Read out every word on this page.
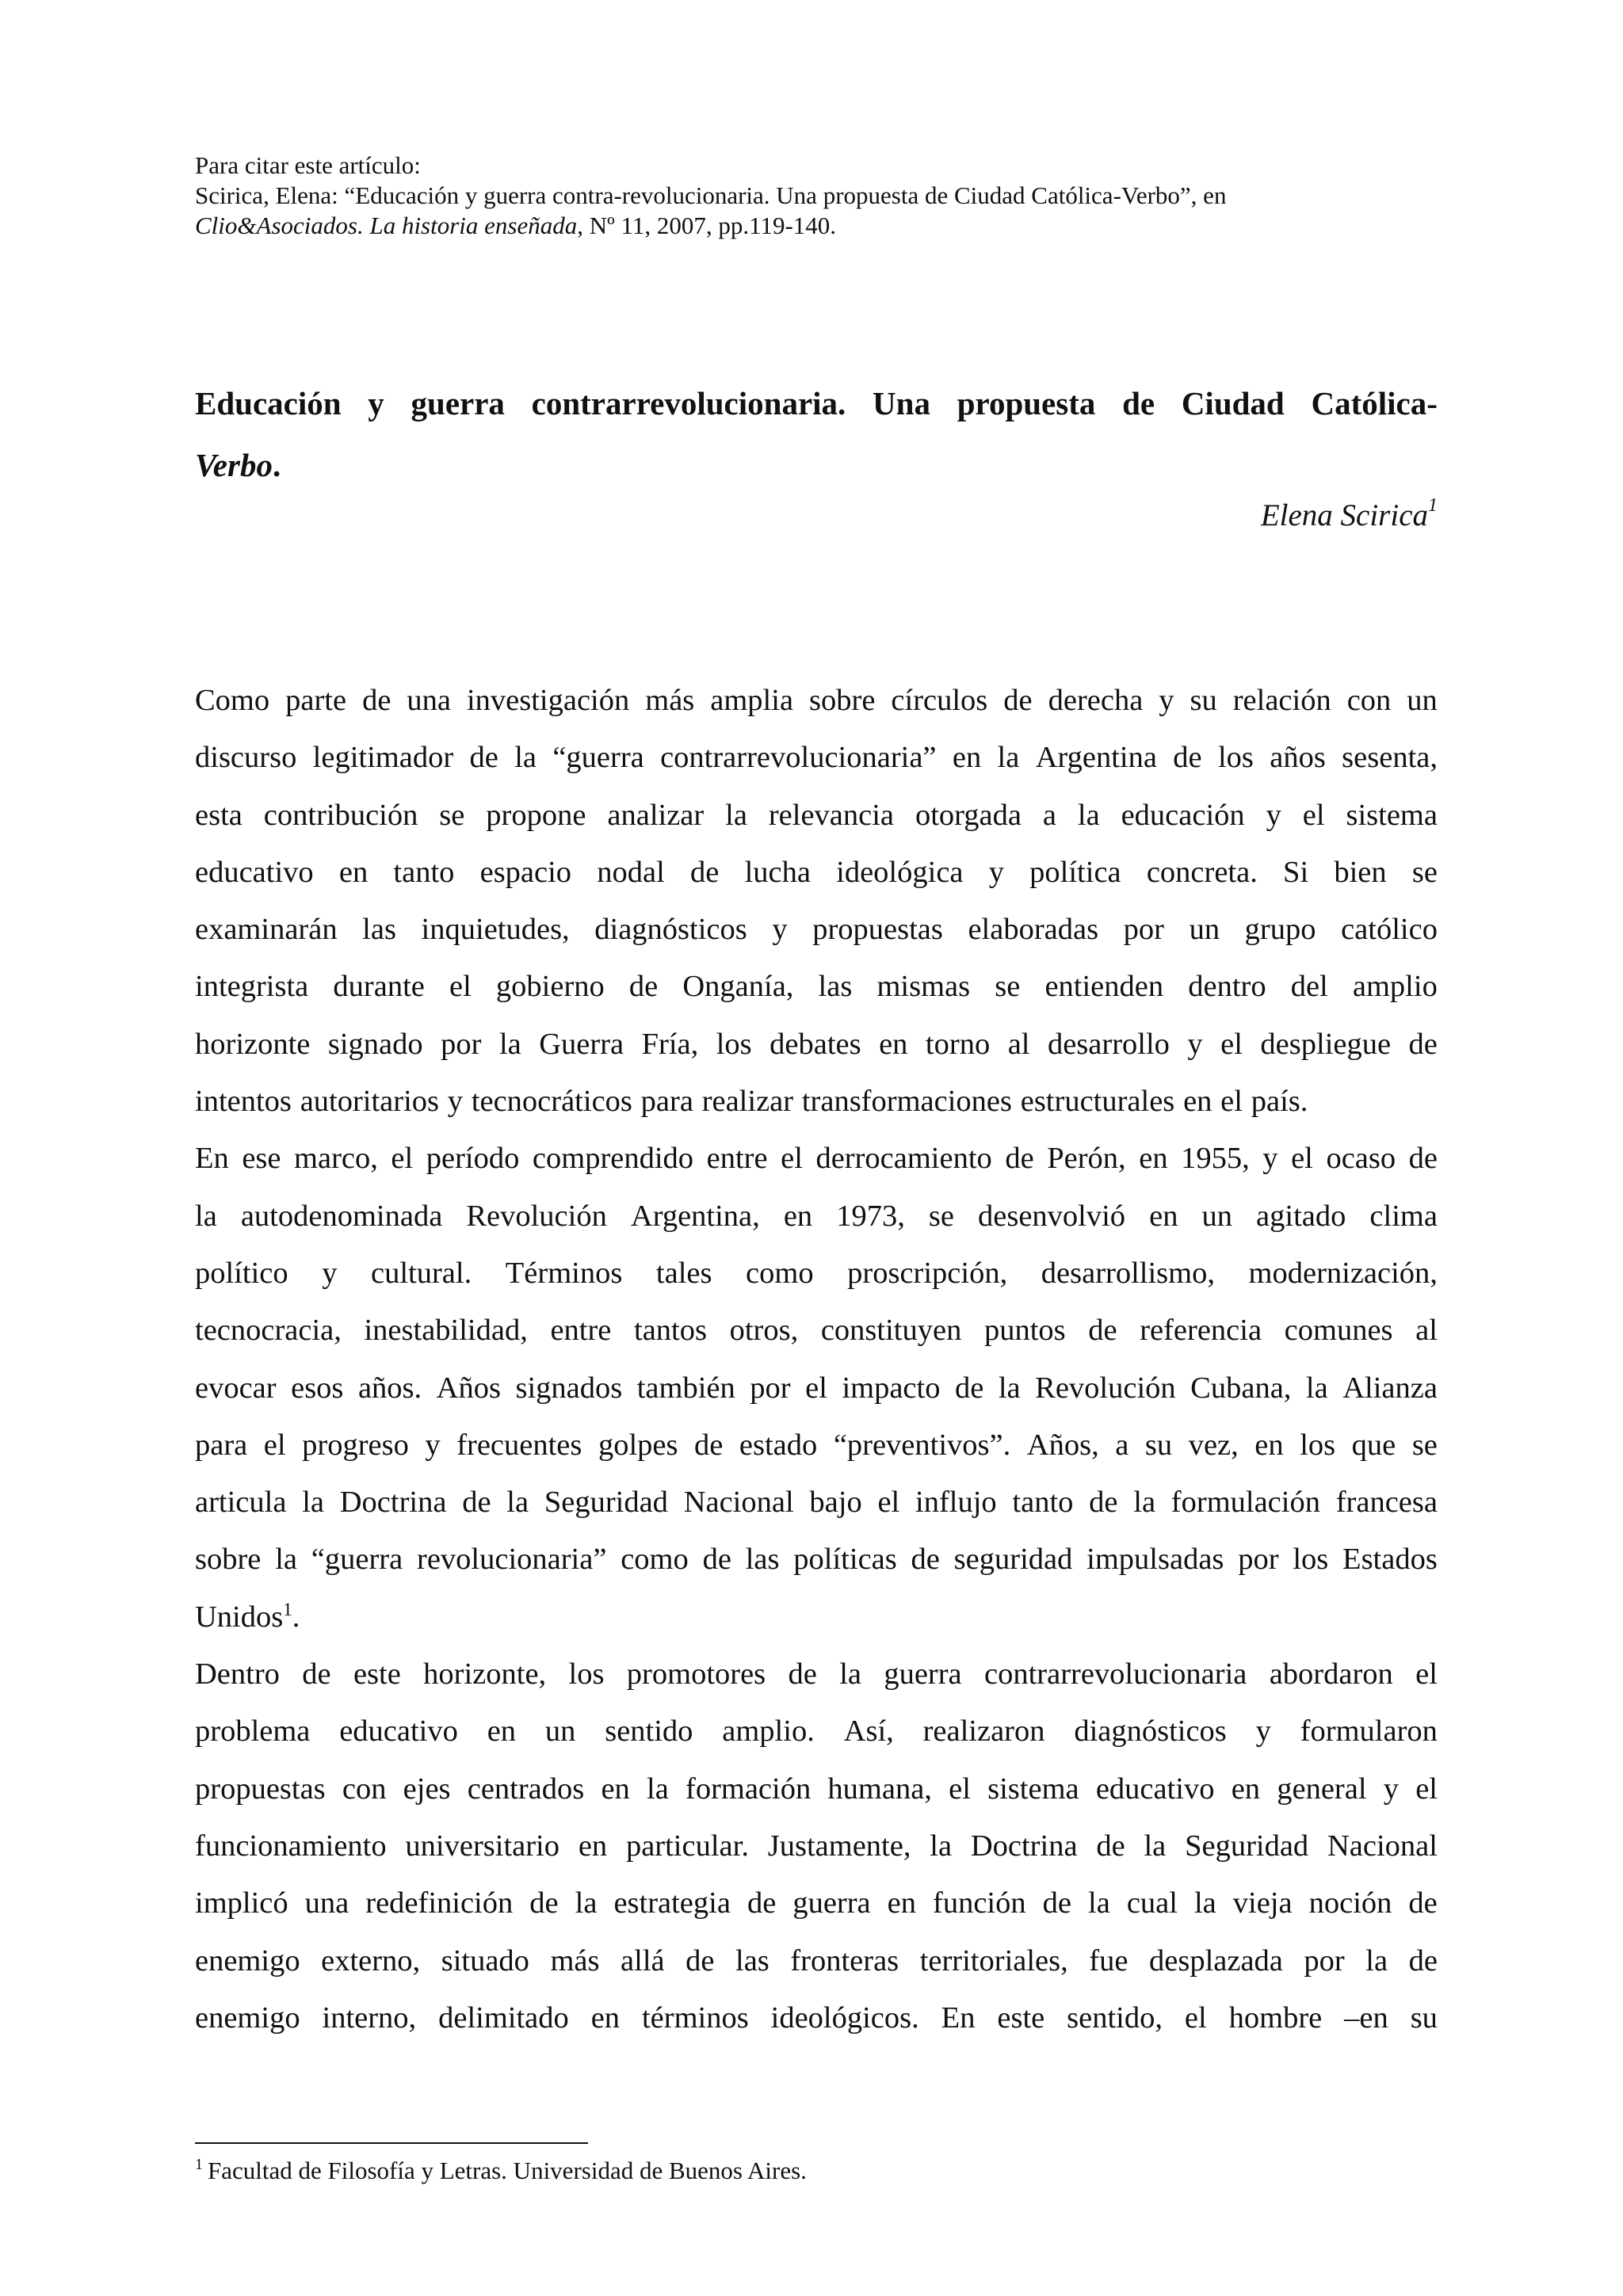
Para citar este artículo:
Scirica, Elena: “Educación y guerra contra-revolucionaria. Una propuesta de Ciudad Católica-Verbo”, en
Clio&Asociados. La historia enseñada, Nº 11, 2007, pp.119-140.
Educación y guerra contrarrevolucionaria. Una propuesta de Ciudad Católica-
Verbo.
Elena Scirica$^1$
Como parte de una investigación más amplia sobre círculos de derecha y su relación con un
discurso legitimador de la “guerra contrarrevolucionaria” en la Argentina de los años sesenta,
esta contribución se propone analizar la relevancia otorgada a la educación y el sistema
educativo en tanto espacio nodal de lucha ideológica y política concreta. Si bien se
examinarán las inquietudes, diagnósticos y propuestas elaboradas por un grupo católico
integrista durante el gobierno de Onganía, las mismas se entienden dentro del amplio
horizonte signado por la Guerra Fría, los debates en torno al desarrollo y el despliegue de
intentos autoritarios y tecnocráticos para realizar transformaciones estructurales en el país.
En ese marco, el período comprendido entre el derrocamiento de Perón, en 1955, y el ocaso de
la autodenominada Revolución Argentina, en 1973, se desenvolvió en un agitado clima
político y cultural. Términos tales como proscripción, desarrollismo, modernización,
tecnocracia, inestabilidad, entre tantos otros, constituyen puntos de referencia comunes al
evocar esos años. Años signados también por el impacto de la Revolución Cubana, la Alianza
para el progreso y frecuentes golpes de estado “preventivos”. Años, a su vez, en los que se
articula la Doctrina de la Seguridad Nacional bajo el influjo tanto de la formulación francesa
sobre la “guerra revolucionaria” como de las políticas de seguridad impulsadas por los Estados
Unidos$^1$.
Dentro de este horizonte, los promotores de la guerra contrarrevolucionaria abordaron el
problema educativo en un sentido amplio. Así, realizaron diagnósticos y formularon
propuestas con ejes centrados en la formación humana, el sistema educativo en general y el
funcionamiento universitario en particular. Justamente, la Doctrina de la Seguridad Nacional
implicó una redefinición de la estrategia de guerra en función de la cual la vieja noción de
enemigo externo, situado más allá de las fronteras territoriales, fue desplazada por la de
enemigo interno, delimitado en términos ideológicos. En este sentido, el hombre –en su
$^1$ Facultad de Filosofía y Letras. Universidad de Buenos Aires.
